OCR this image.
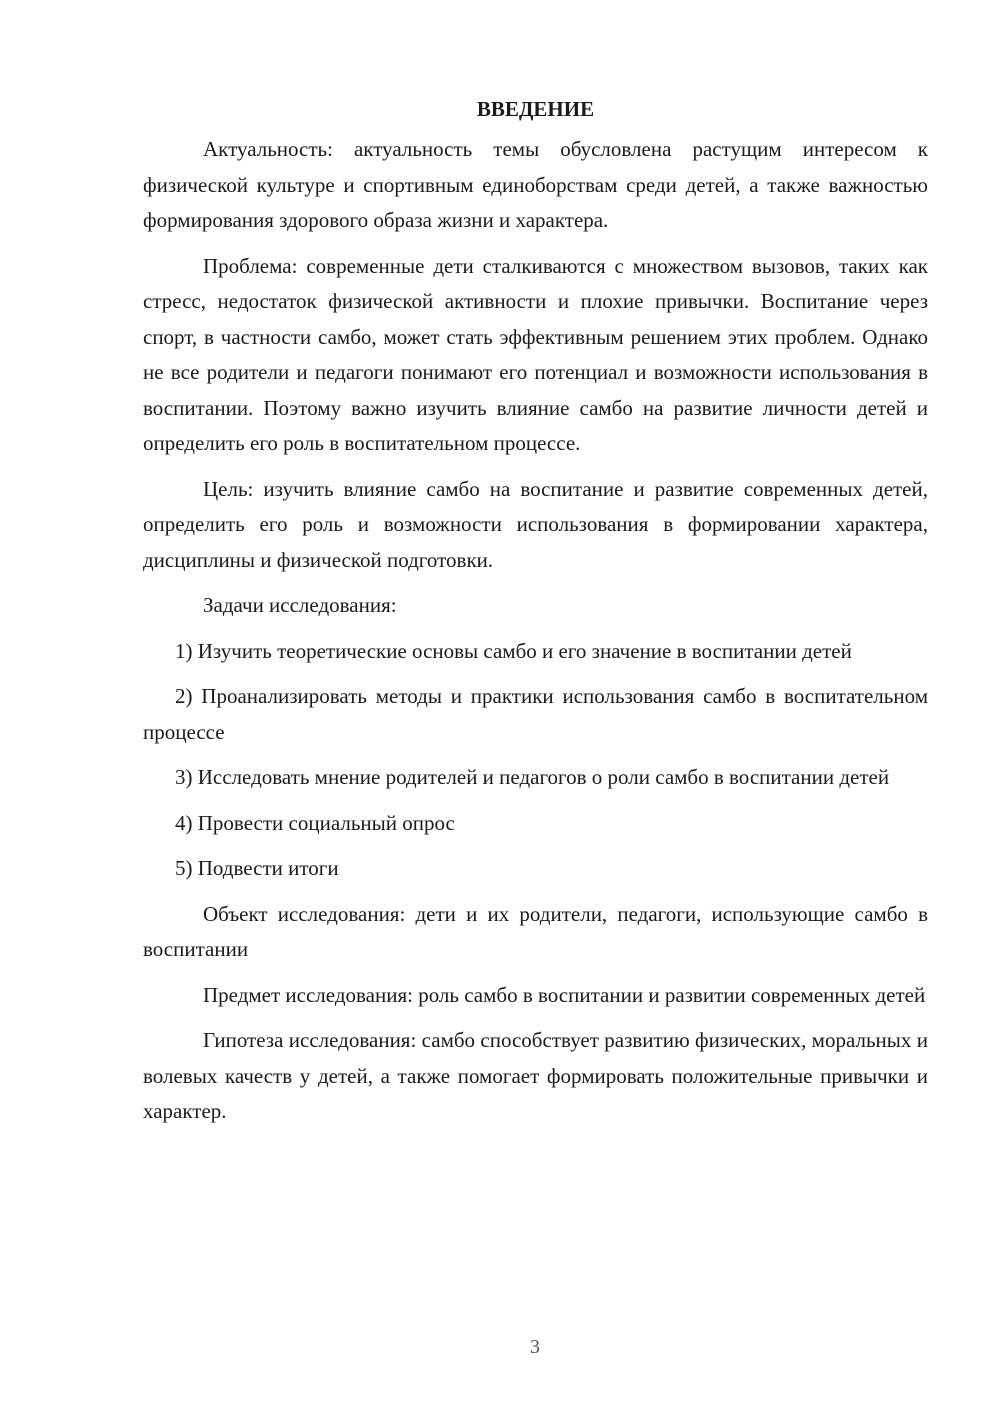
ВВЕДЕНИЕ

Актуальность: актуальность темы обусловлена растущим интересом к физической культуре и спортивным единоборствам среди детей, а также важностью формирования здорового образа жизни и характера.

Проблема: современные дети сталкиваются с множеством вызовов, таких как стресс, недостаток физической активности и плохие привычки. Воспитание через спорт, в частности самбо, может стать эффективным решением этих проблем. Однако не все родители и педагоги понимают его потенциал и возможности использования в воспитании. Поэтому важно изучить влияние самбо на развитие личности детей и определить его роль в воспитательном процессе.

Цель: изучить влияние самбо на воспитание и развитие современных детей, определить его роль и возможности использования в формировании характера, дисциплины и физической подготовки.

Задачи исследования:

1) Изучить теоретические основы самбо и его значение в воспитании детей

2) Проанализировать методы и практики использования самбо в воспитательном процессе

3) Исследовать мнение родителей и педагогов о роли самбо в воспитании детей

4) Провести социальный опрос

5) Подвести итоги

Объект исследования: дети и их родители, педагоги, использующие самбо в воспитании

Предмет исследования: роль самбо в воспитании и развитии современных детей

Гипотеза исследования: самбо способствует развитию физических, моральных и волевых качеств у детей, а также помогает формировать положительные привычки и характер.

3
